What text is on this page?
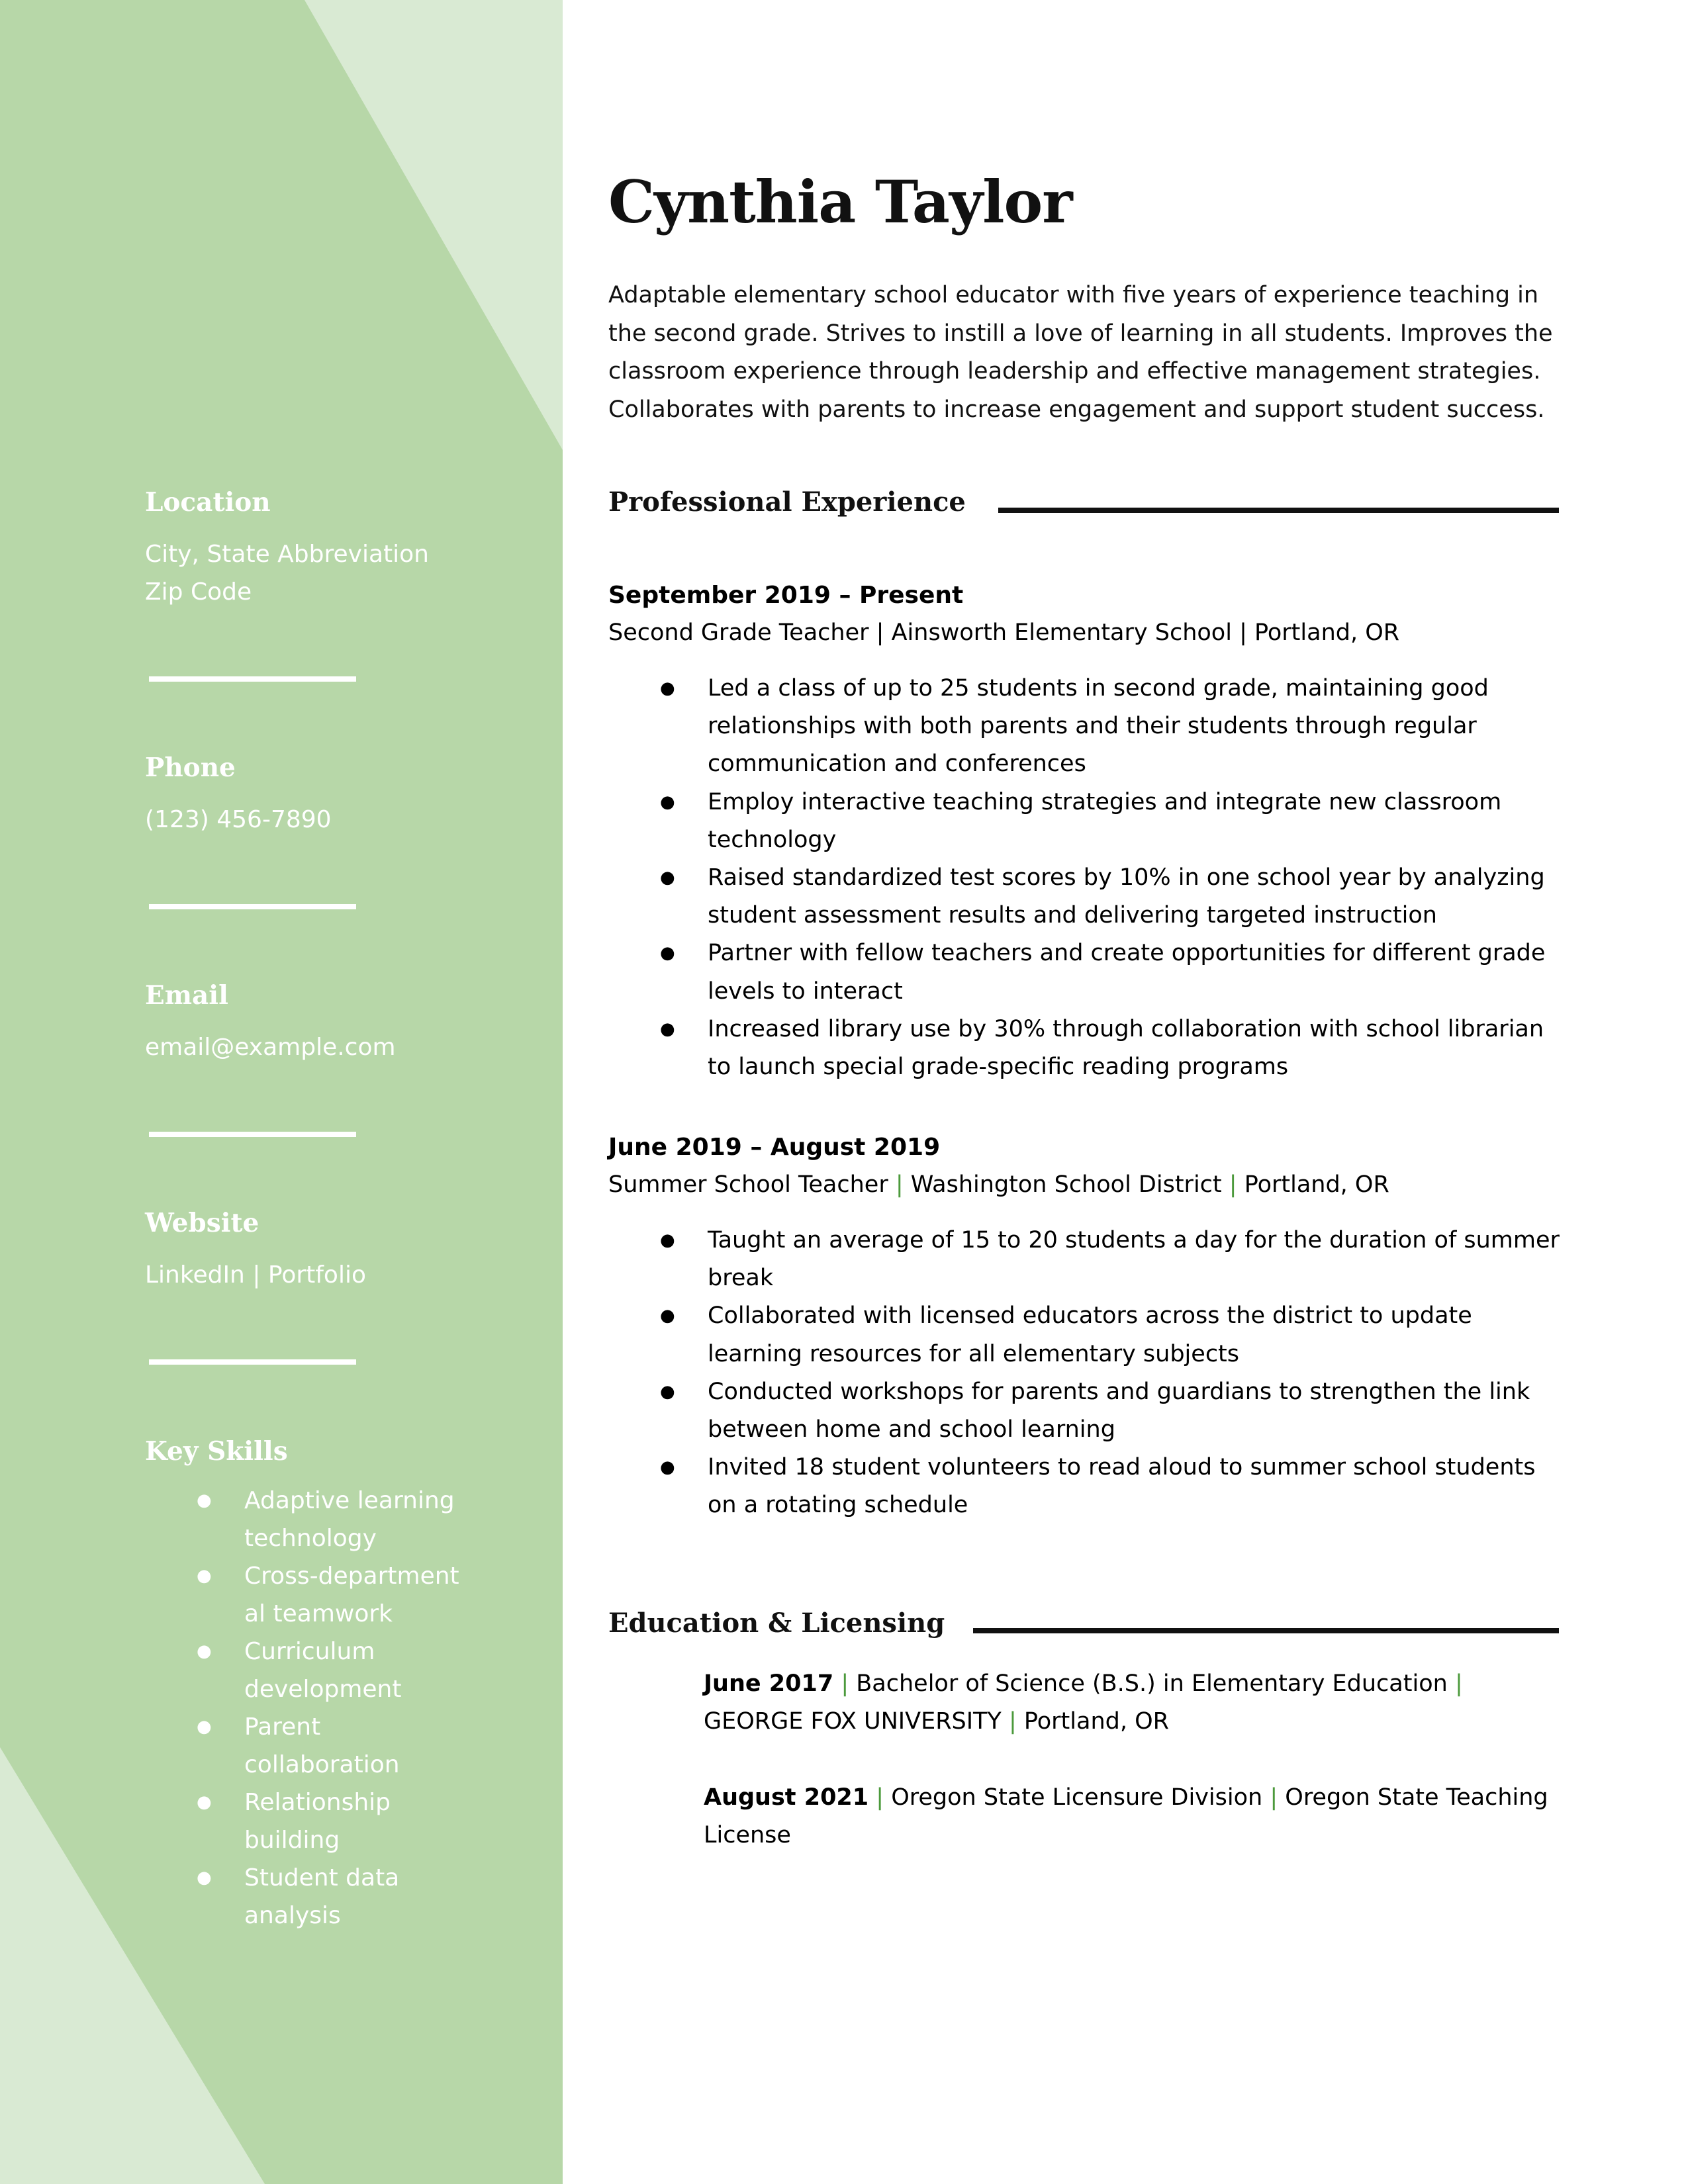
Location
City, State Abbreviation
Zip Code
Phone
(123) 456-7890
Email
email@example.com
Website
LinkedIn | Portfolio
Key Skills
● Adaptive learning
technology
● Cross-department
al teamwork
● Curriculum
development
● Parent
collaboration
● Relationship
building
● Student data
analysis
Cynthia Taylor

Adaptable elementary school educator with five years of experience teaching in the second grade. Strives to instill a love of learning in all students. Improves the classroom experience through leadership and effective management strategies. Collaborates with parents to increase engagement and support student success.

Professional Experience
September 2019 – Present
Second Grade Teacher | Ainsworth Elementary School | Portland, OR
● Led a class of up to 25 students in second grade, maintaining good relationships with both parents and their students through regular communication and conferences
● Employ interactive teaching strategies and integrate new classroom technology
● Raised standardized test scores by 10% in one school year by analyzing student assessment results and delivering targeted instruction
● Partner with fellow teachers and create opportunities for different grade levels to interact
● Increased library use by 30% through collaboration with school librarian to launch special grade-specific reading programs
June 2019 – August 2019
Summer School Teacher | Washington School District | Portland, OR
● Taught an average of 15 to 20 students a day for the duration of summer break
● Collaborated with licensed educators across the district to update learning resources for all elementary subjects
● Conducted workshops for parents and guardians to strengthen the link between home and school learning
● Invited 18 student volunteers to read aloud to summer school students on a rotating schedule
Education & Licensing

June 2017 | Bachelor of Science (B.S.) in Elementary Education |
GEORGE FOX UNIVERSITY | Portland, OR

August 2021 | Oregon State Licensure Division | Oregon State Teaching License
